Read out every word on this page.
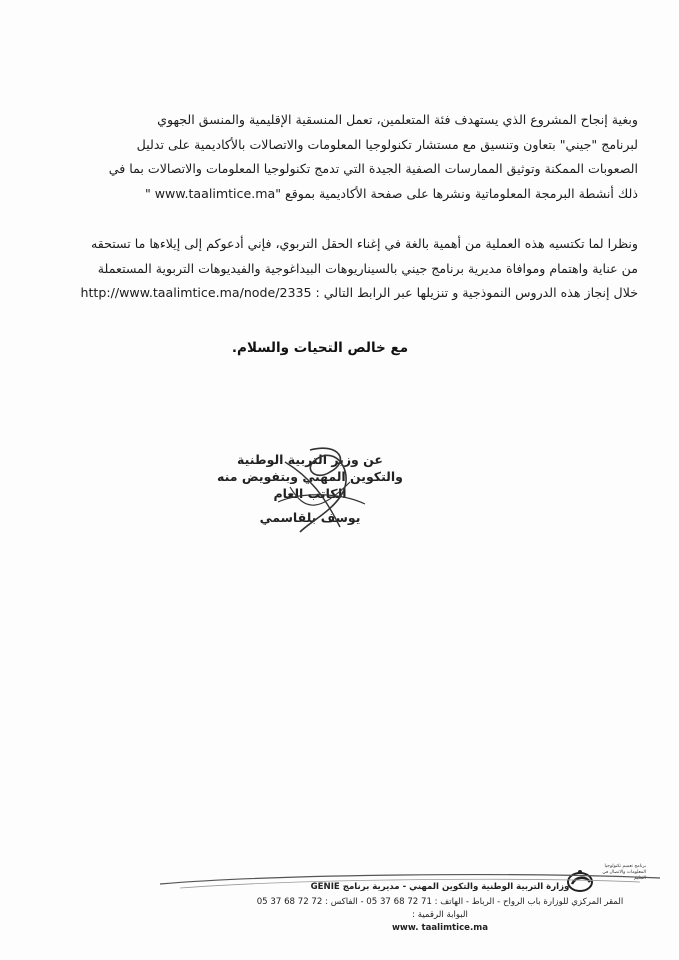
وبغية إنجاح المشروع الذي يستهدف فئة المتعلمين، تعمل المنسقية الإقليمية والمنسق الجهوي

لبرنامج "جيني" بتعاون وتنسيق مع مستشار تكنولوجيا المعلومات والاتصالات بالأكاديمية على تدليل

الصعوبات الممكنة وتوثيق الممارسات الصفية الجيدة التي تدمج تكنولوجيا المعلومات والاتصالات بما في

ذلك أنشطة البرمجة المعلوماتية ونشرها على صفحة الأكاديمية بموقع "www.taalimtice.ma "

ونظرا لما تكتسيه هذه العملية من أهمية بالغة في إغناء الحقل التربوي، فإني أدعوكم إلى إيلاءها ما تستحقه

من عناية واهتمام وموافاة مديرية برنامج جيني بالسيناريوهات البيداغوجية والفيديوهات التربوية المستعملة

خلال إنجاز هذه الدروس النموذجية و تنزيلها عبر الرابط التالي : http://www.taalimtice.ma/node/2335

مع خالص التحيات والسلام.
عن وزير التربية الوطنية
والتكوين المهني وبتفويض منه
الكاتب العام
يوسف بلقاسمي
برنامج تعميم تكنولوجيا المعلومات والاتصال في التعليم
وزارة التربية الوطنية والتكوين المهني - مديرية برنامج GENIE
المقر المركزي للوزارة باب الرواح - الرباط - الهاتف : 71 72 68 37 05 - الفاكس : 72 72 68 37 05
البوابة الرقمية :
www. taalimtice.ma
